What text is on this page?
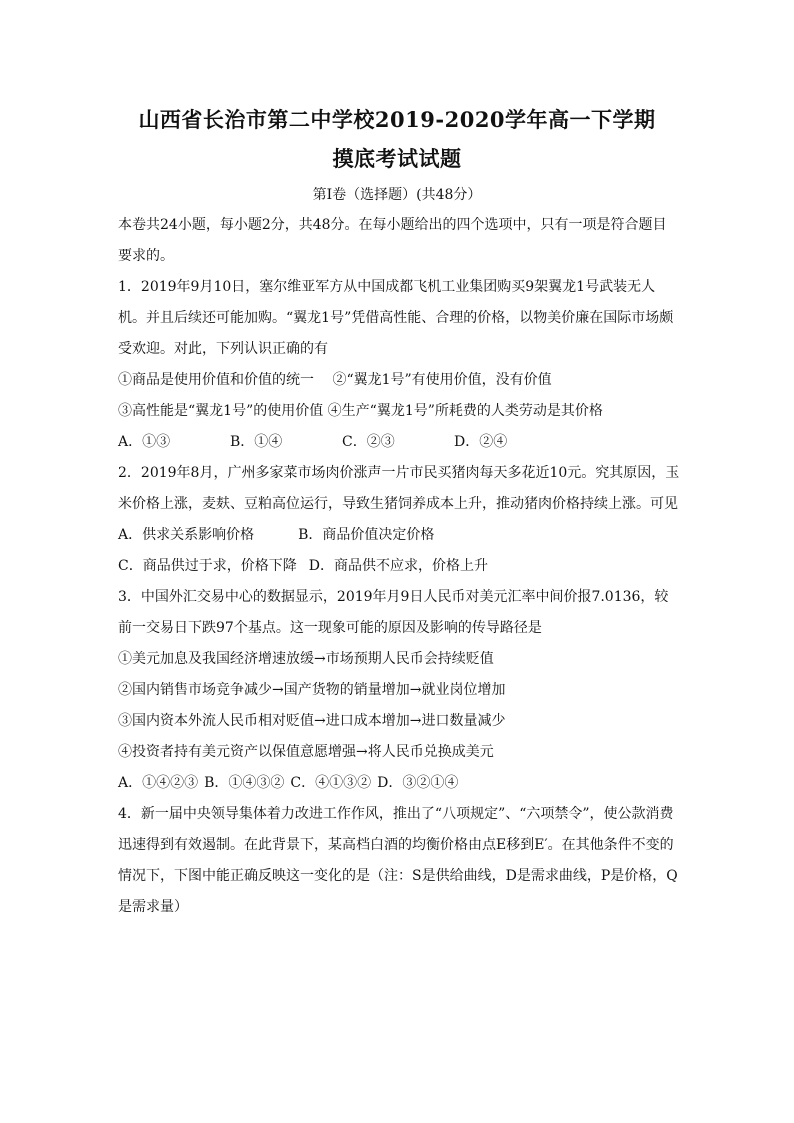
山西省长治市第二中学校2019-2020学年高一下学期
摸底考试试题
第Ⅰ卷（选择题）(共48分）

本卷共24小题，每小题2分，共48分。在每小题给出的四个选项中，只有一项是符合题目要求的。

1．2019年9月10日，塞尔维亚军方从中国成都飞机工业集团购买9架翼龙1号武装无人机。并且后续还可能加购。“翼龙1号”凭借高性能、合理的价格，以物美价廉在国际市场颇受欢迎。对此，下列认识正确的有

①商品是使用价值和价值的统一　 ②“翼龙1号”有使用价值，没有价值

③高性能是“翼龙1号”的使用价值 ④生产“翼龙1号”所耗费的人类劳动是其价格

A．①③	B．①④	C．②③	D．②④

2．2019年8月，广州多家菜市场肉价涨声一片市民买猪肉每天多花近10元。究其原因，玉米价格上涨，麦麸、豆粕高位运行，导致生猪饲养成本上升，推动猪肉价格持续上涨。可见

A．供求关系影响价格	B．商品价值决定价格
C．商品供过于求，价格下降 D．商品供不应求，价格上升

3．中国外汇交易中心的数据显示，2019年月9日人民币对美元汇率中间价报7.0136，较前一交易日下跌97个基点。这一现象可能的原因及影响的传导路径是

①美元加息及我国经济增速放缓→市场预期人民币会持续贬值

②国内销售市场竞争减少→国产货物的销量增加→就业岗位增加

③国内资本外流人民币相对贬值→进口成本增加→进口数量减少

④投资者持有美元资产以保值意愿增强→将人民币兑换成美元

A．①④②③ B．①④③② C．④①③② D．③②①④

4．新一届中央领导集体着力改进工作作风，推出了“八项规定”、“六项禁令”，使公款消费迅速得到有效遏制。在此背景下，某高档白酒的均衡价格由点E移到E′。在其他条件不变的情况下，下图中能正确反映这一变化的是（注：S是供给曲线，D是需求曲线，P是价格，Q是需求量）
